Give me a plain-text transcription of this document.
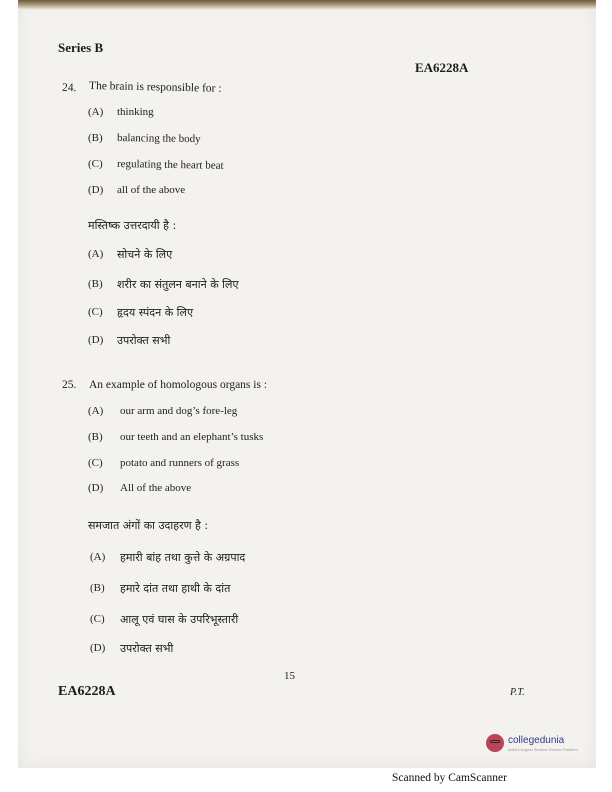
Series B
EA6228A
24. The brain is responsible for :
(A) thinking
(B) balancing the body
(C) regulating the heart beat
(D) all of the above
मस्तिष्क उत्तरदायी है :
(A) सोचने के लिए
(B) शरीर का संतुलन बनाने के लिए
(C) हृदय स्पंदन के लिए
(D) उपरोक्त सभी
25. An example of homologous organs is :
(A) our arm and dog’s fore-leg
(B) our teeth and an elephant’s tusks
(C) potato and runners of grass
(D) All of the above
समजात अंगों का उदाहरण है :
(A) हमारी बांह तथा कुत्ते के अग्रपाद
(B) हमारे दांत तथा हाथी के दांत
(C) आलू एवं घास के उपरिभूस्तारी
(D) उपरोक्त सभी
15
EA6228A	P.T.
collegedunia
India's largest Student Review Platform
Scanned by CamScanner
